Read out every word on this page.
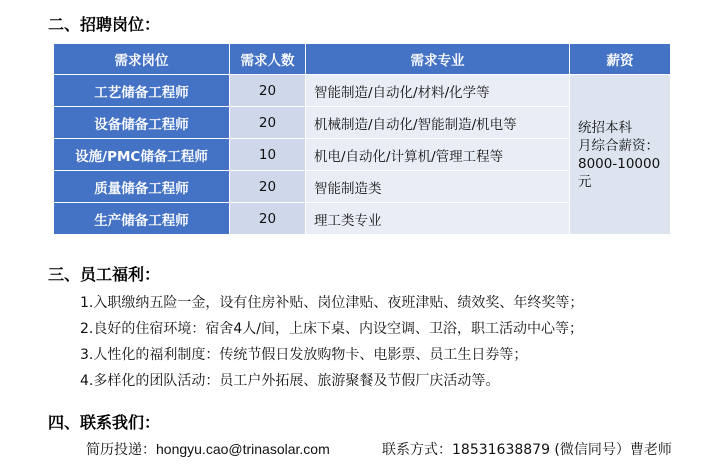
二、招聘岗位：
需求岗位	需求人数	需求专业	薪资
工艺储备工程师	20	智能制造/自动化/材料/化学等	统招本科
月综合薪资：
8000-10000
元

设备储备工程师	20	机械制造/自动化/智能制造/机电等	
设施/PMC储备工程师	10	机电/自动化/计算机/管理工程等	
质量储备工程师	20	智能制造类	
生产储备工程师	20	理工类专业	
三、员工福利：
1.入职缴纳五险一金，设有住房补贴、岗位津贴、夜班津贴、绩效奖、年终奖等；
2.良好的住宿环境：宿舍4人/间，上床下桌、内设空调、卫浴，职工活动中心等；
3.人性化的福利制度：传统节假日发放购物卡、电影票、员工生日券等；
4.多样化的团队活动：员工户外拓展、旅游聚餐及节假厂庆活动等。
四、联系我们：
简历投递：hongyu.cao@trinasolar.com	联系方式：18531638879 (微信同号）曹老师
